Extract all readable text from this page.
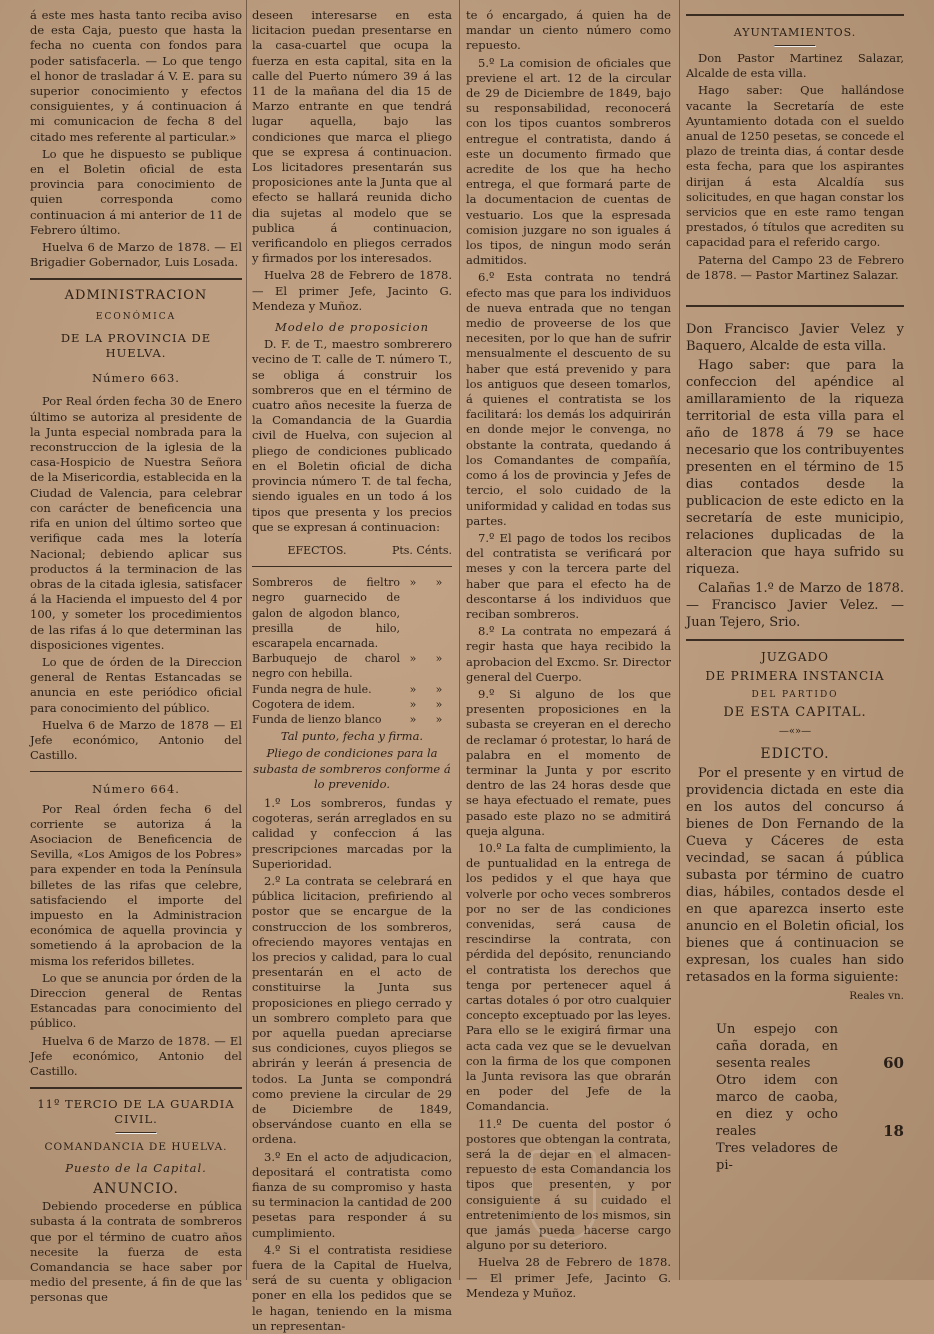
á este mes hasta tanto reciba aviso de esta Caja, puesto que hasta la fecha no cuenta con fondos para poder satisfacerla. — Lo que tengo el honor de trasladar á V. E. para su superior conocimiento y efectos consiguientes, y á continuacion á mi comunicacion de fecha 8 del citado mes referente al particular.»

Lo que he dispuesto se publique en el Boletin oficial de esta provincia para conocimiento de quien corresponda como continuacion á mi anterior de 11 de Febrero último.

Huelva 6 de Marzo de 1878. — El Brigadier Gobernador, Luis Losada.

ADMINISTRACION
ECONÓMICA
DE LA PROVINCIA DE HUELVA.
Número 663.

Por Real órden fecha 30 de Enero último se autoriza al presidente de la Junta especial nombrada para la reconstruccion de la iglesia de la casa-Hospicio de Nuestra Señora de la Misericordia, establecida en la Ciudad de Valencia, para celebrar con carácter de beneficencia una rifa en union del último sorteo que verifique cada mes la lotería Nacional; debiendo aplicar sus productos á la terminacion de las obras de la citada iglesia, satisfacer á la Hacienda el impuesto del 4 por 100, y someter los procedimientos de las rifas á lo que determinan las disposiciones vigentes.

Lo que de órden de la Direccion general de Rentas Estancadas se anuncia en este periódico oficial para conocimiento del público.

Huelva 6 de Marzo de 1878 — El Jefe económico, Antonio del Castillo.

Número 664.

Por Real órden fecha 6 del corriente se autoriza á la Asociacion de Beneficencia de Sevilla, «Los Amigos de los Pobres» para expender en toda la Península billetes de las rifas que celebre, satisfaciendo el importe del impuesto en la Administracion económica de aquella provincia y sometiendo á la aprobacion de la misma los referidos billetes.

Lo que se anuncia por órden de la Direccion general de Rentas Estancadas para conocimiento del público.

Huelva 6 de Marzo de 1878. — El Jefe económico, Antonio del Castillo.

11º TERCIO DE LA GUARDIA CIVIL.
COMANDANCIA DE HUELVA.
Puesto de la Capital.
ANUNCIO.

Debiendo procederse en pública subasta á la contrata de sombreros que por el término de cuatro años necesite la fuerza de esta Comandancia se hace saber por medio del presente, á fin de que las personas que

deseen interesarse en esta licitacion puedan presentarse en la casa-cuartel que ocupa la fuerza en esta capital, sita en la calle del Puerto número 39 á las 11 de la mañana del dia 15 de Marzo entrante en que tendrá lugar aquella, bajo las condiciones que marca el pliego que se expresa á continuacion. Los licitadores presentarán sus proposiciones ante la Junta que al efecto se hallará reunida dicho dia sujetas al modelo que se publica á continuacion, verificandolo en pliegos cerrados y firmados por los interesados.

Huelva 28 de Febrero de 1878. — El primer Jefe, Jacinto G. Mendeza y Muñoz.

Modelo de proposicion

D. F. de T., maestro sombrerero vecino de T. calle de T. número T., se obliga á construir los sombreros que en el término de cuatro años necesite la fuerza de la Comandancia de la Guardia civil de Huelva, con sujecion al pliego de condiciones publicado en el Boletin oficial de dicha provincia número T. de tal fecha, siendo iguales en un todo á los tipos que presenta y los precios que se expresan á continuacion:

EFECTOS.	Pts. Cénts.
Sombreros de fieltro negro guarnecido de galon de algodon blanco, presilla de hilo, escarapela encarnada.	»	»
Barbuquejo de charol negro con hebilla.	»	»
Funda negra de hule.	»	»
Cogotera de idem.	»	»
Funda de lienzo blanco	»	»
Tal punto, fecha y firma.
Pliego de condiciones para la subasta de sombreros conforme á lo prevenido.

1.º Los sombreros, fundas y cogoteras, serán arreglados en su calidad y confeccion á las prescripciones marcadas por la Superioridad.

2.º La contrata se celebrará en pública licitacion, prefiriendo al postor que se encargue de la construccion de los sombreros, ofreciendo mayores ventajas en los precios y calidad, para lo cual presentarán en el acto de constituirse la Junta sus proposiciones en pliego cerrado y un sombrero completo para que por aquella puedan apreciarse sus condiciones, cuyos pliegos se abrirán y leerán á presencia de todos. La Junta se compondrá como previene la circular de 29 de Diciembre de 1849, observándose cuanto en ella se ordena.

3.º En el acto de adjudicacion, depositará el contratista como fianza de su compromiso y hasta su terminacion la cantidad de 200 pesetas para responder á su cumplimiento.

4.º Si el contratista residiese fuera de la Capital de Huelva, será de su cuenta y obligacion poner en ella los pedidos que se le hagan, teniendo en la misma un representan-

te ó encargado, á quien ha de mandar un ciento número como repuesto.

5.º La comision de oficiales que previene el art. 12 de la circular de 29 de Diciembre de 1849, bajo su responsabilidad, reconocerá con los tipos cuantos sombreros entregue el contratista, dando á este un documento firmado que acredite de los que ha hecho entrega, el que formará parte de la documentacion de cuentas de vestuario. Los que la espresada comision juzgare no son iguales á los tipos, de ningun modo serán admitidos.

6.º Esta contrata no tendrá efecto mas que para los individuos de nueva entrada que no tengan medio de proveerse de los que necesiten, por lo que han de sufrir mensualmente el descuento de su haber que está prevenido y para los antiguos que deseen tomarlos, á quienes el contratista se los facilitará: los demás los adquirirán en donde mejor le convenga, no obstante la contrata, quedando á los Comandantes de compañía, como á los de provincia y Jefes de tercio, el solo cuidado de la uniformidad y calidad en todas sus partes.

7.º El pago de todos los recibos del contratista se verificará por meses y con la tercera parte del haber que para el efecto ha de descontarse á los individuos que reciban sombreros.

8.º La contrata no empezará á regir hasta que haya recibido la aprobacion del Excmo. Sr. Director general del Cuerpo.

9.º Si alguno de los que presenten proposiciones en la subasta se creyeran en el derecho de reclamar ó protestar, lo hará de palabra en el momento de terminar la Junta y por escrito dentro de las 24 horas desde que se haya efectuado el remate, pues pasado este plazo no se admitirá queja alguna.

10.º La falta de cumplimiento, la de puntualidad en la entrega de los pedidos y el que haya que volverle por ocho veces sombreros por no ser de las condiciones convenidas, será causa de rescindirse la contrata, con pérdida del depósito, renunciando el contratista los derechos que tenga por pertenecer aquel á cartas dotales ó por otro cualquier concepto exceptuado por las leyes. Para ello se le exigirá firmar una acta cada vez que se le devuelvan con la firma de los que componen la Junta revisora las que obrarán en poder del Jefe de la Comandancia.

11.º De cuenta del postor ó postores que obtengan la contrata, será la de dejar en el almacen-repuesto de esta Comandancia los tipos que presenten, y por consiguiente á su cuidado el entretenimiento de los mismos, sin que jamás pueda hacerse cargo alguno por su deterioro.

Huelva 28 de Febrero de 1878. — El primer Jefe, Jacinto G. Mendeza y Muñoz.

AYUNTAMIENTOS.

Don Pastor Martinez Salazar, Alcalde de esta villa.

Hago saber: Que hallándose vacante la Secretaría de este Ayuntamiento dotada con el sueldo anual de 1250 pesetas, se concede el plazo de treinta dias, á contar desde esta fecha, para que los aspirantes dirijan á esta Alcaldía sus solicitudes, en que hagan constar los servicios que en este ramo tengan prestados, ó títulos que acrediten su capacidad para el referido cargo.

Paterna del Campo 23 de Febrero de 1878. — Pastor Martinez Salazar.

Don Francisco Javier Velez y Baquero, Alcalde de esta villa.

Hago saber: que para la confeccion del apéndice al amillaramiento de la riqueza territorial de esta villa para el año de 1878 á 79 se hace necesario que los contribuyentes presenten en el término de 15 dias contados desde la publicacion de este edicto en la secretaría de este municipio, relaciones duplicadas de la alteracion que haya sufrido su riqueza.

Calañas 1.º de Marzo de 1878. — Francisco Javier Velez. — Juan Tejero, Srio.

JUZGADO
DE PRIMERA INSTANCIA
DEL PARTIDO
DE ESTA CAPITAL.
—«»—
EDICTO.

Por el presente y en virtud de providencia dictada en este dia en los autos del concurso á bienes de Don Fernando de la Cueva y Cáceres de esta vecindad, se sacan á pública subasta por término de cuatro dias, hábiles, contados desde el en que aparezca inserto este anuncio en el Boletin oficial, los bienes que á continuacion se expresan, los cuales han sido retasados en la forma siguiente:

Reales vn.
Un espejo con caña dorada, en sesenta reales	60
Otro idem con marco de caoba, en diez y ocho reales	18
Tres veladores de pi-	
